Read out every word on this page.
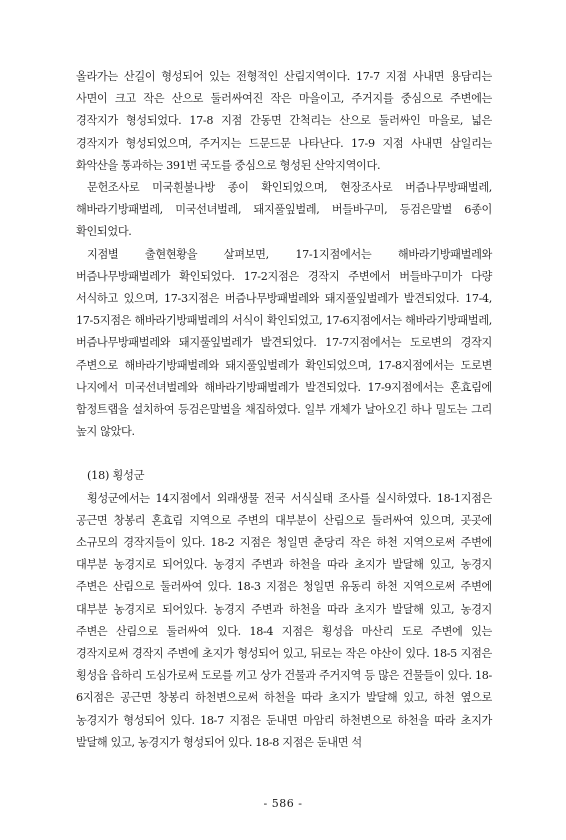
올라가는 산길이 형성되어 있는 전형적인 산림지역이다. 17-7 지점 사내면 용담리는 사면이 크고 작은 산으로 둘러싸여진 작은 마을이고, 주거지를 중심으로 주변에는 경작지가 형성되었다. 17-8 지점 간동면 간척리는 산으로 둘러싸인 마을로, 넓은 경작지가 형성되었으며, 주거지는 드문드문 나타난다. 17-9 지점 사내면 삼일리는 화악산을 통과하는 391번 국도를 중심으로 형성된 산악지역이다.

문헌조사로 미국흰불나방 종이 확인되었으며, 현장조사로 버즘나무방패벌레, 해바라기방패벌레, 미국선녀벌레, 돼지풀잎벌레, 버들바구미, 등검은말벌 6종이 확인되었다.

지점별 출현현황을 살펴보면, 17-1지점에서는 해바라기방패벌레와 버즘나무방패벌레가 확인되었다. 17-2지점은 경작지 주변에서 버들바구미가 다량 서식하고 있으며, 17-3지점은 버즘나무방패벌레와 돼지풀잎벌레가 발견되었다. 17-4, 17-5지점은 해바라기방패벌레의 서식이 확인되었고, 17-6지점에서는 해바라기방패벌레, 버즘나무방패벌레와 돼지풀잎벌레가 발견되었다. 17-7지점에서는 도로변의 경작지 주변으로 해바라기방패벌레와 돼지풀잎벌레가 확인되었으며, 17-8지점에서는 도로변 나지에서 미국선녀벌레와 해바라기방패벌레가 발견되었다. 17-9지점에서는 혼효림에 함정트랩을 설치하여 등검은말벌을 채집하였다. 일부 개체가 날아오긴 하나 밀도는 그리 높지 않았다.

(18) 횡성군

횡성군에서는 14지점에서 외래생물 전국 서식실태 조사를 실시하였다. 18-1지점은 공근면 창봉리 혼효림 지역으로 주변의 대부분이 산림으로 둘러싸여 있으며, 곳곳에 소규모의 경작지들이 있다. 18-2 지점은 청일면 춘당리 작은 하천 지역으로써 주변에 대부분 농경지로 되어있다. 농경지 주변과 하천을 따라 초지가 발달해 있고, 농경지 주변은 산림으로 둘러싸여 있다. 18-3 지점은 청일면 유동리 하천 지역으로써 주변에 대부분 농경지로 되어있다. 농경지 주변과 하천을 따라 초지가 발달해 있고, 농경지 주변은 산림으로 둘러싸여 있다. 18-4 지점은 횡성읍 마산리 도로 주변에 있는 경작지로써 경작지 주변에 초지가 형성되어 있고, 뒤로는 작은 야산이 있다. 18-5 지점은 횡성읍 읍하리 도심가로써 도로를 끼고 상가 건물과 주거지역 등 많은 건물들이 있다. 18-6지점은 공근면 창봉리 하천변으로써 하천을 따라 초지가 발달해 있고, 하천 옆으로 농경지가 형성되어 있다. 18-7 지점은 둔내면 마암리 하천변으로 하천을 따라 초지가 발달해 있고, 농경지가 형성되어 있다. 18-8 지점은 둔내면 석

- 586 -
